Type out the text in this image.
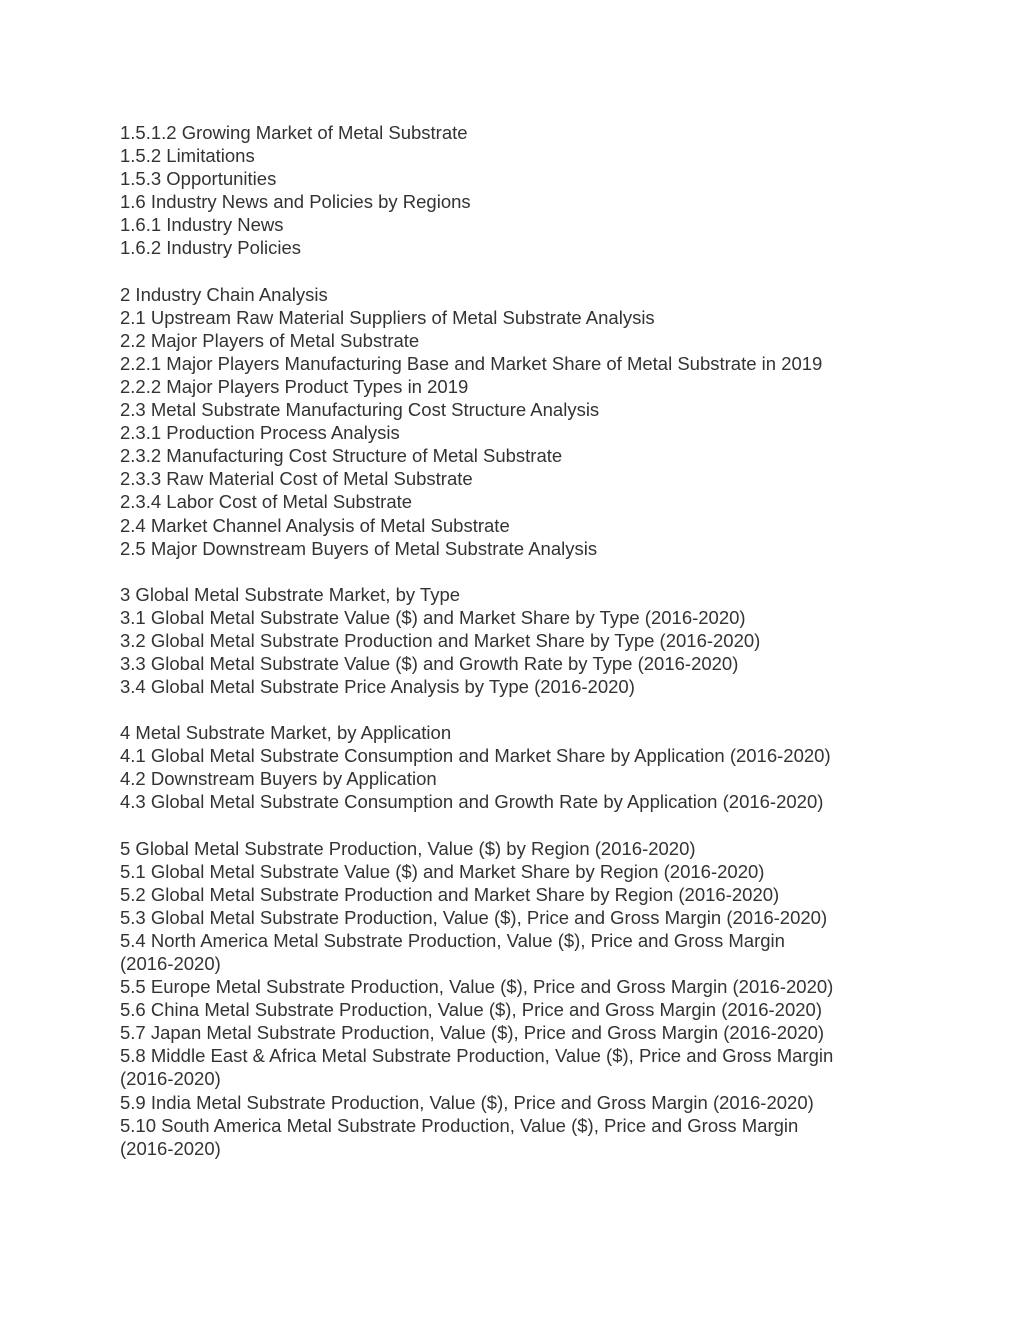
1.5.1.2 Growing Market of Metal Substrate
1.5.2 Limitations
1.5.3 Opportunities
1.6 Industry News and Policies by Regions
1.6.1 Industry News
1.6.2 Industry Policies
2 Industry Chain Analysis
2.1 Upstream Raw Material Suppliers of Metal Substrate Analysis
2.2 Major Players of Metal Substrate
2.2.1 Major Players Manufacturing Base and Market Share of Metal Substrate in 2019
2.2.2 Major Players Product Types in 2019
2.3 Metal Substrate Manufacturing Cost Structure Analysis
2.3.1 Production Process Analysis
2.3.2 Manufacturing Cost Structure of Metal Substrate
2.3.3 Raw Material Cost of Metal Substrate
2.3.4 Labor Cost of Metal Substrate
2.4 Market Channel Analysis of Metal Substrate
2.5 Major Downstream Buyers of Metal Substrate Analysis
3 Global Metal Substrate Market, by Type
3.1 Global Metal Substrate Value ($) and Market Share by Type (2016-2020)
3.2 Global Metal Substrate Production and Market Share by Type (2016-2020)
3.3 Global Metal Substrate Value ($) and Growth Rate by Type (2016-2020)
3.4 Global Metal Substrate Price Analysis by Type (2016-2020)
4 Metal Substrate Market, by Application
4.1 Global Metal Substrate Consumption and Market Share by Application (2016-2020)
4.2 Downstream Buyers by Application
4.3 Global Metal Substrate Consumption and Growth Rate by Application (2016-2020)
5 Global Metal Substrate Production, Value ($) by Region (2016-2020)
5.1 Global Metal Substrate Value ($) and Market Share by Region (2016-2020)
5.2 Global Metal Substrate Production and Market Share by Region (2016-2020)
5.3 Global Metal Substrate Production, Value ($), Price and Gross Margin (2016-2020)
5.4 North America Metal Substrate Production, Value ($), Price and Gross Margin
(2016-2020)
5.5 Europe Metal Substrate Production, Value ($), Price and Gross Margin (2016-2020)
5.6 China Metal Substrate Production, Value ($), Price and Gross Margin (2016-2020)
5.7 Japan Metal Substrate Production, Value ($), Price and Gross Margin (2016-2020)
5.8 Middle East & Africa Metal Substrate Production, Value ($), Price and Gross Margin
(2016-2020)
5.9 India Metal Substrate Production, Value ($), Price and Gross Margin (2016-2020)
5.10 South America Metal Substrate Production, Value ($), Price and Gross Margin
(2016-2020)
